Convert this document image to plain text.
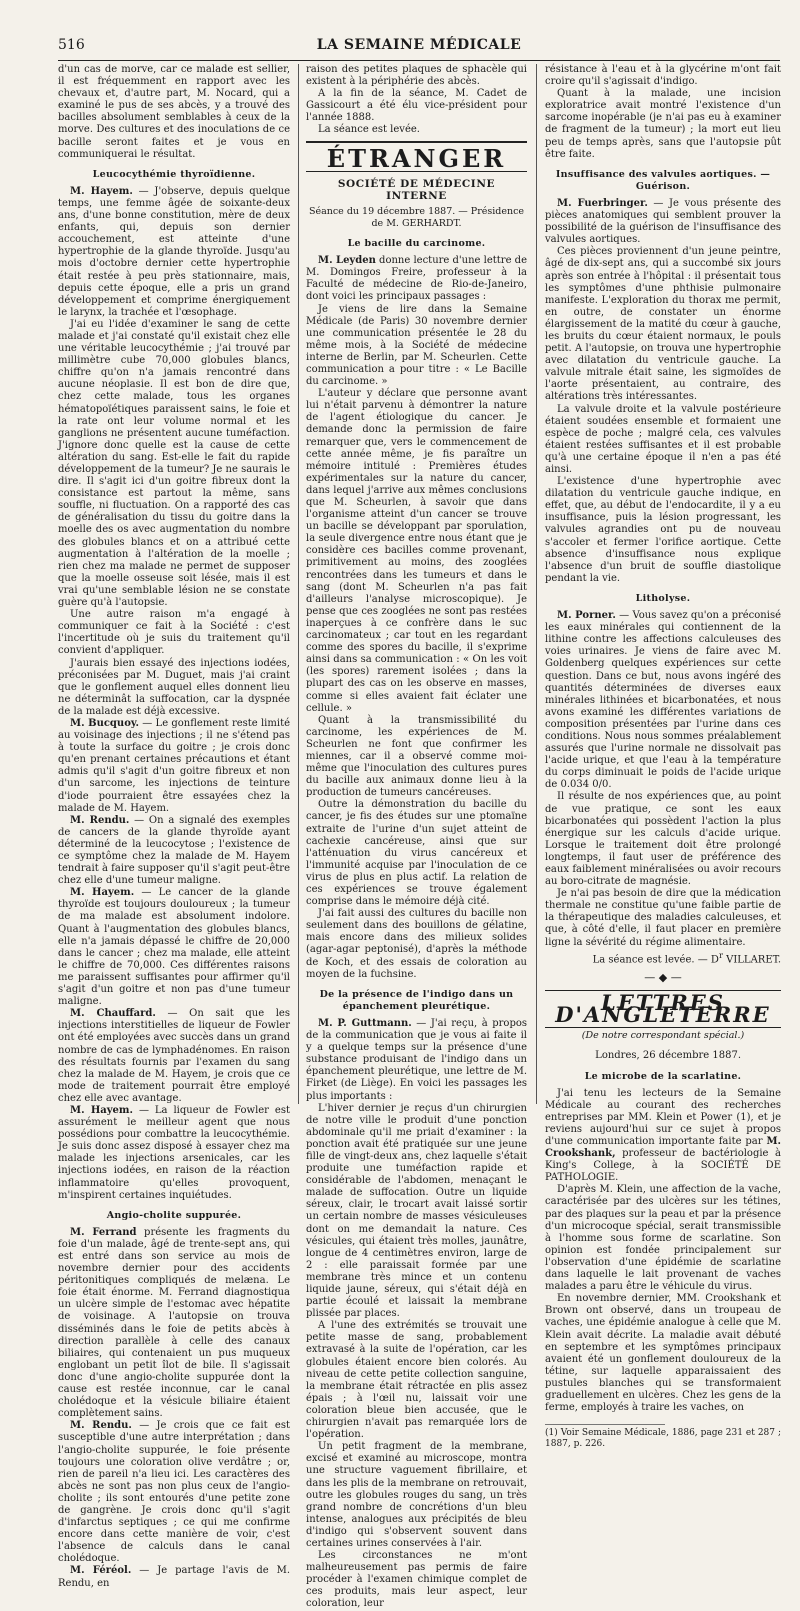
516	LA SEMAINE MÉDICALE

d'un cas de morve, car ce malade est sellier, il est fréquemment en rapport avec les chevaux et, d'autre part, M. Nocard, qui a examiné le pus de ses abcès, y a trouvé des bacilles absolument semblables à ceux de la morve. Des cultures et des inoculations de ce bacille seront faites et je vous en communiquerai le résultat.

Leucocythémie thyroïdienne.

M. Hayem. — J'observe, depuis quelque temps, une femme âgée de soixante-deux ans, d'une bonne constitution, mère de deux enfants, qui, depuis son dernier accouchement, est atteinte d'une hypertrophie de la glande thyroïde. Jusqu'au mois d'octobre dernier cette hypertrophie était restée à peu près stationnaire, mais, depuis cette époque, elle a pris un grand développement et comprime énergiquement le larynx, la trachée et l'œsophage.

J'ai eu l'idée d'examiner le sang de cette malade et j'ai constaté qu'il existait chez elle une véritable leucocythémie ; j'ai trouvé par millimètre cube 70,000 globules blancs, chiffre qu'on n'a jamais rencontré dans aucune néoplasie. Il est bon de dire que, chez cette malade, tous les organes hématopoïétiques paraissent sains, le foie et la rate ont leur volume normal et les ganglions ne présentent aucune tuméfaction. J'ignore donc quelle est la cause de cette altération du sang. Est-elle le fait du rapide développement de la tumeur? Je ne saurais le dire. Il s'agit ici d'un goitre fibreux dont la consistance est partout la même, sans souffle, ni fluctuation. On a rapporté des cas de généralisation du tissu du goitre dans la moelle des os avec augmentation du nombre des globules blancs et on a attribué cette augmentation à l'altération de la moelle ; rien chez ma malade ne permet de supposer que la moelle osseuse soit lésée, mais il est vrai qu'une semblable lésion ne se constate guère qu'à l'autopsie.

Une autre raison m'a engagé à communiquer ce fait à la Société : c'est l'incertitude où je suis du traitement qu'il convient d'appliquer.

J'aurais bien essayé des injections iodées, préconisées par M. Duguet, mais j'ai craint que le gonflement auquel elles donnent lieu ne déterminât la suffocation, car la dyspnée de la malade est déjà excessive.

M. Bucquoy. — Le gonflement reste limité au voisinage des injections ; il ne s'étend pas à toute la surface du goitre ; je crois donc qu'en prenant certaines précautions et étant admis qu'il s'agit d'un goitre fibreux et non d'un sarcome, les injections de teinture d'iode pourraient être essayées chez la malade de M. Hayem.

M. Rendu. — On a signalé des exemples de cancers de la glande thyroïde ayant déterminé de la leucocytose ; l'existence de ce symptôme chez la malade de M. Hayem tendrait à faire supposer qu'il s'agit peut-être chez elle d'une tumeur maligne.

M. Hayem. — Le cancer de la glande thyroïde est toujours douloureux ; la tumeur de ma malade est absolument indolore. Quant à l'augmentation des globules blancs, elle n'a jamais dépassé le chiffre de 20,000 dans le cancer ; chez ma malade, elle atteint le chiffre de 70,000. Ces différentes raisons me paraissent suffisantes pour affirmer qu'il s'agit d'un goitre et non pas d'une tumeur maligne.

M. Chauffard. — On sait que les injections interstitielles de liqueur de Fowler ont été employées avec succès dans un grand nombre de cas de lymphadénomes. En raison des résultats fournis par l'examen du sang chez la malade de M. Hayem, je crois que ce mode de traitement pourrait être employé chez elle avec avantage.

M. Hayem. — La liqueur de Fowler est assurément le meilleur agent que nous possédions pour combattre la leucocythémie. Je suis donc assez disposé à essayer chez ma malade les injections arsenicales, car les injections iodées, en raison de la réaction inflammatoire qu'elles provoquent, m'inspirent certaines inquiétudes.

Angio-cholite suppurée.

M. Ferrand présente les fragments du foie d'un malade, âgé de trente-sept ans, qui est entré dans son service au mois de novembre dernier pour des accidents péritonitiques compliqués de melæna. Le foie était énorme. M. Ferrand diagnostiqua un ulcère simple de l'estomac avec hépatite de voisinage. A l'autopsie on trouva disséminés dans le foie de petits abcès à direction parallèle à celle des canaux biliaires, qui contenaient un pus muqueux englobant un petit îlot de bile. Il s'agissait donc d'une angio-cholite suppurée dont la cause est restée inconnue, car le canal cholédoque et la vésicule biliaire étaient complètement sains.

M. Rendu. — Je crois que ce fait est susceptible d'une autre interprétation ; dans l'angio-cholite suppurée, le foie présente toujours une coloration olive verdâtre ; or, rien de pareil n'a lieu ici. Les caractères des abcès ne sont pas non plus ceux de l'angio-cholite ; ils sont entourés d'une petite zone de gangrène. Je crois donc qu'il s'agit d'infarctus septiques ; ce qui me confirme encore dans cette manière de voir, c'est l'absence de calculs dans le canal cholédoque.

M. Féréol. — Je partage l'avis de M. Rendu, en

raison des petites plaques de sphacèle qui existent à la périphérie des abcès.

A la fin de la séance, M. Cadet de Gassicourt a été élu vice-président pour l'année 1888.

La séance est levée.

ÉTRANGER
SOCIÉTÉ DE MÉDECINE INTERNE
Séance du 19 décembre 1887. — Présidence de M. GERHARDT.
Le bacille du carcinome.

M. Leyden donne lecture d'une lettre de M. Domingos Freire, professeur à la Faculté de médecine de Rio-de-Janeiro, dont voici les principaux passages :

Je viens de lire dans la Semaine Médicale (de Paris) 30 novembre dernier une communication présentée le 28 du même mois, à la Société de médecine interne de Berlin, par M. Scheurlen. Cette communication a pour titre : « Le Bacille du carcinome. »

L'auteur y déclare que personne avant lui n'était parvenu à démontrer la nature de l'agent étiologique du cancer. Je demande donc la permission de faire remarquer que, vers le commencement de cette année même, je fis paraître un mémoire intitulé : Premières études expérimentales sur la nature du cancer, dans lequel j'arrive aux mêmes conclusions que M. Scheurlen, à savoir que dans l'organisme atteint d'un cancer se trouve un bacille se développant par sporulation, la seule divergence entre nous étant que je considère ces bacilles comme provenant, primitivement au moins, des zooglées rencontrées dans les tumeurs et dans le sang (dont M. Scheurlen n'a pas fait d'ailleurs l'analyse microscopique). Je pense que ces zooglées ne sont pas restées inaperçues à ce confrère dans le suc carcinomateux ; car tout en les regardant comme des spores du bacille, il s'exprime ainsi dans sa communication : « On les voit (les spores) rarement isolées ; dans la plupart des cas on les observe en masses, comme si elles avaient fait éclater une cellule. »

Quant à la transmissibilité du carcinome, les expériences de M. Scheurlen ne font que confirmer les miennes, car il a observé comme moi-même que l'inoculation des cultures pures du bacille aux animaux donne lieu à la production de tumeurs cancéreuses.

Outre la démonstration du bacille du cancer, je fis des études sur une ptomaïne extraite de l'urine d'un sujet atteint de cachexie cancéreuse, ainsi que sur l'atténuation du virus cancéreux et l'immunité acquise par l'inoculation de ce virus de plus en plus actif. La relation de ces expériences se trouve également comprise dans le mémoire déjà cité.

J'ai fait aussi des cultures du bacille non seulement dans des bouillons de gélatine, mais encore dans des milieux solides (agar-agar peptonisé), d'après la méthode de Koch, et des essais de coloration au moyen de la fuchsine.

De la présence de l'indigo dans un épanchement pleurétique.

M. P. Guttmann. — J'ai reçu, à propos de la communication que je vous ai faite il y a quelque temps sur la présence d'une substance produisant de l'indigo dans un épanchement pleurétique, une lettre de M. Firket (de Liège). En voici les passages les plus importants :

L'hiver dernier je reçus d'un chirurgien de notre ville le produit d'une ponction abdominale qu'il me priait d'examiner : la ponction avait été pratiquée sur une jeune fille de vingt-deux ans, chez laquelle s'était produite une tuméfaction rapide et considérable de l'abdomen, menaçant le malade de suffocation. Outre un liquide séreux, clair, le trocart avait laissé sortir un certain nombre de masses vésiculeuses dont on me demandait la nature. Ces vésicules, qui étaient très molles, jaunâtre, longue de 4 centimètres environ, large de 2 : elle paraissait formée par une membrane très mince et un contenu liquide jaune, séreux, qui s'était déjà en partie écoulé et laissait la membrane plissée par places.

A l'une des extrémités se trouvait une petite masse de sang, probablement extravasé à la suite de l'opération, car les globules étaient encore bien colorés. Au niveau de cette petite collection sanguine, la membrane était rétractée en plis assez épais ; à l'œil nu, laissait voir une coloration bleue bien accusée, que le chirurgien n'avait pas remarquée lors de l'opération.

Un petit fragment de la membrane, excisé et examiné au microscope, montra une structure vaguement fibrillaire, et dans les plis de la membrane on retrouvait, outre les globules rouges du sang, un très grand nombre de concrétions d'un bleu intense, analogues aux précipités de bleu d'indigo qui s'observent souvent dans certaines urines conservées à l'air.

Les circonstances ne m'ont malheureusement pas permis de faire procéder à l'examen chimique complet de ces produits, mais leur aspect, leur coloration, leur

résistance à l'eau et à la glycérine m'ont fait croire qu'il s'agissait d'indigo.

Quant à la malade, une incision exploratrice avait montré l'existence d'un sarcome inopérable (je n'ai pas eu à examiner de fragment de la tumeur) ; la mort eut lieu peu de temps après, sans que l'autopsie pût être faite.

Insuffisance des valvules aortiques. — Guérison.

M. Fuerbringer. — Je vous présente des pièces anatomiques qui semblent prouver la possibilité de la guérison de l'insuffisance des valvules aortiques.

Ces pièces proviennent d'un jeune peintre, âgé de dix-sept ans, qui a succombé six jours après son entrée à l'hôpital : il présentait tous les symptômes d'une phthisie pulmonaire manifeste. L'exploration du thorax me permit, en outre, de constater un énorme élargissement de la matité du cœur à gauche, les bruits du cœur étaient normaux, le pouls petit. A l'autopsie, on trouva une hypertrophie avec dilatation du ventricule gauche. La valvule mitrale était saine, les sigmoïdes de l'aorte présentaient, au contraire, des altérations très intéressantes.

La valvule droite et la valvule postérieure étaient soudées ensemble et formaient une espèce de poche ; malgré cela, ces valvules étaient restées suffisantes et il est probable qu'à une certaine époque il n'en a pas été ainsi.

L'existence d'une hypertrophie avec dilatation du ventricule gauche indique, en effet, que, au début de l'endocardite, il y a eu insuffisance, puis la lésion progressant, les valvules agrandies ont pu de nouveau s'accoler et fermer l'orifice aortique. Cette absence d'insuffisance nous explique l'absence d'un bruit de souffle diastolique pendant la vie.

Litholyse.

M. Porner. — Vous savez qu'on a préconisé les eaux minérales qui contiennent de la lithine contre les affections calculeuses des voies urinaires. Je viens de faire avec M. Goldenberg quelques expériences sur cette question. Dans ce but, nous avons ingéré des quantités déterminées de diverses eaux minérales lithinées et bicarbonatées, et nous avons examiné les différentes variations de composition présentées par l'urine dans ces conditions. Nous nous sommes préalablement assurés que l'urine normale ne dissolvait pas l'acide urique, et que l'eau à la température du corps diminuait le poids de l'acide urique de 0.034 0/0.

Il résulte de nos expériences que, au point de vue pratique, ce sont les eaux bicarbonatées qui possèdent l'action la plus énergique sur les calculs d'acide urique. Lorsque le traitement doit être prolongé longtemps, il faut user de préférence des eaux faiblement minéralisées ou avoir recours au boro-citrate de magnésie.

Je n'ai pas besoin de dire que la médication thermale ne constitue qu'une faible partie de la thérapeutique des maladies calculeuses, et que, à côté d'elle, il faut placer en première ligne la sévérité du régime alimentaire.

La séance est levée. — $D^r$ VILLARET.

— ◆ —
LETTRES D'ANGLETERRE
(De notre correspondant spécial.)
Londres, 26 décembre 1887.
Le microbe de la scarlatine.

J'ai tenu les lecteurs de la Semaine Médicale au courant des recherches entreprises par MM. Klein et Power (1), et je reviens aujourd'hui sur ce sujet à propos d'une communication importante faite par M. Crookshank, professeur de bactériologie à King's College, à la SOCIÉTÉ DE PATHOLOGIE.

D'après M. Klein, une affection de la vache, caractérisée par des ulcères sur les tétines, par des plaques sur la peau et par la présence d'un microcoque spécial, serait transmissible à l'homme sous forme de scarlatine. Son opinion est fondée principalement sur l'observation d'une épidémie de scarlatine dans laquelle le lait provenant de vaches malades a paru être le véhicule du virus.

En novembre dernier, MM. Crookshank et Brown ont observé, dans un troupeau de vaches, une épidémie analogue à celle que M. Klein avait décrite. La maladie avait débuté en septembre et les symptômes principaux avaient été un gonflement douloureux de la tétine, sur laquelle apparaissaient des pustules blanches qui se transformaient graduellement en ulcères. Chez les gens de la ferme, employés à traire les vaches, on

(1) Voir Semaine Médicale, 1886, page 231 et 287 ; 1887, p. 226.
